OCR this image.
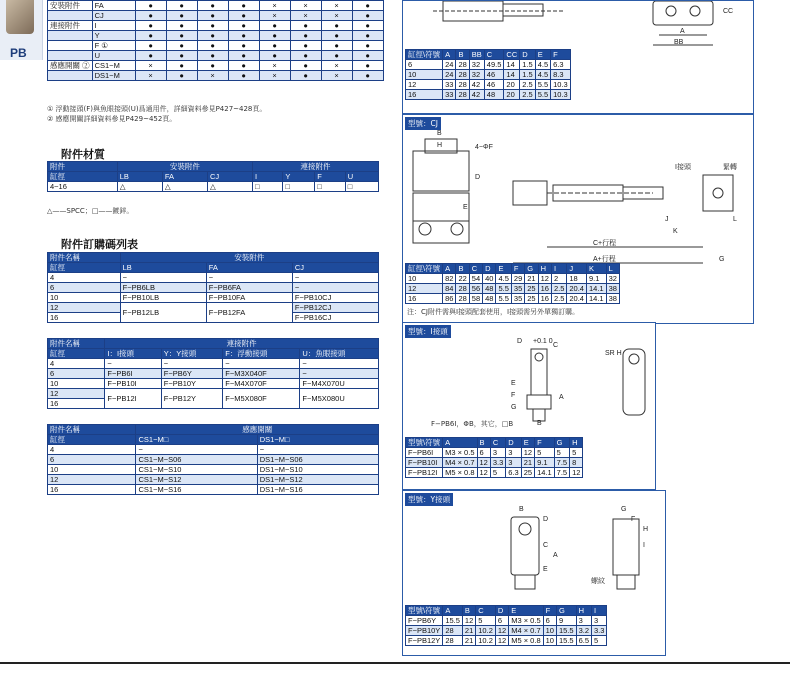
PB
安裝附件	FA	●	●	●	●	×	×	×	●
	CJ	●	●	●	●	×	×	×	●
連接附件	I	●	●	●	●	●	●	●	●
	Y	●	●	●	●	●	●	●	●
	F ①	●	●	●	●	●	●	●	●
	U	●	●	●	●	●	●	●	●
感應開關 ②	CS1−M	×	●	●	●	×	●	×	●
	DS1−M	×	●	×	●	×	●	×	●
① 浮動接頭(F)與魚眼接頭(U)爲通用件，詳細資料參見P427~428頁。
② 感應開關詳細資料參見P429~452頁。
附件材質
附件	安裝附件			連接附件			
缸徑	LB	FA	CJ	I	Y	F	U
4~16	△	△	△	□	□	□	□
△——SPCC；□——鍍鋅。
附件訂購碼列表
附件名稱	安裝附件		
缸徑	LB	FA	CJ
4	−	−	−
6	F−PB6LB	F−PB6FA	−
10	F−PB10LB	F−PB10FA	F−PB10CJ
12	F−PB12LB	F−PB12FA	F−PB12CJ
16			F−PB16CJ
附件名稱	連接附件			
缸徑	I：I接頭	Y：Y接頭	F：浮動接頭	U：魚眼接頭
4	−	−	−	−
6	F−PB6I	F−PB6Y	F−M3X040F	−
10	F−PB10I	F−PB10Y	F−M4X070F	F−M4X070U
12	F−PB12I	F−PB12Y	F−M5X080F	F−M5X080U
16				
附件名稱	感應開關	
缸徑	CS1−M□	DS1−M□
4	−	−
6	CS1−M−S06	DS1−M−S06
10	CS1−M−S10	DS1−M−S10
12	CS1−M−S12	DS1−M−S12
16	CS1−M−S16	DS1−M−S16
A
BB
CC
缸徑\符號	A	B	BB	C	CC	D	E	F
6	24	28	32	49.5	14	1.5	4.5	6.3
10	24	28	32	46	14	1.5	4.5	8.3
12	33	28	42	46	20	2.5	5.5	10.3
16	33	28	42	48	20	2.5	5.5	10.3
型號：CJ
B
H	4−ΦF
D
E
I接頭	緊轉
J
K
L
C+行程
A+行程	G
缸徑\符號	A	B	C	D	E	F	G	H	I	J	K	L
10	82	22	54	40	4.5	29	21	12	2	18	9.1	32
12	84	28	56	48	5.5	35	25	16	2.5	20.4	14.1	38
16	86	28	58	48	5.5	35	25	16	2.5	20.4	14.1	38
注：CJ附件需與I接頭配套使用，I接頭需另外單獨訂購。
型號：I接頭
D +0.1 0
C
E
F
G
A
B
SR H
F−PB6I，ΦB，其它，□B
型號\符號	A	B	C	D	E	F	G	H
F−PB6I	M3 × 0.5	6	3	3	12	5	5	5
F−PB10I	M4 × 0.7	12	3.3	3	21	9.1	7.5	8
F−PB12I	M5 × 0.8	12	5	6.3	25	14.1	7.5	12
型號：Y接頭
B
D
C
A
E
G
F
H
I
螺紋
型號\符號	A	B	C	D	E	F	G	H	I
F−PB6Y	15.5	12	5	6	M3 × 0.5	6	9	3	3
F−PB10Y	28	21	10.2	12	M4 × 0.7	10	15.5	3.2	3.3
F−PB12Y	28	21	10.2	12	M5 × 0.8	10	15.5	6.5	5
